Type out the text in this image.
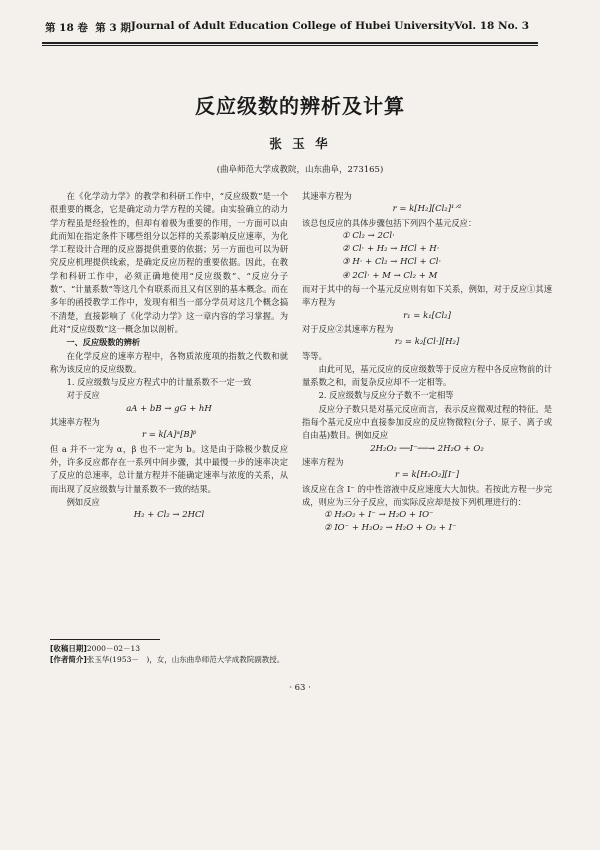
第 18 卷 第 3 期 Journal of Adult Education College of Hubei University Vol. 18 No. 3
反应级数的辨析及计算
张 玉 华
(曲阜师范大学成教院，山东曲阜，273165)

在《化学动力学》的教学和科研工作中，“反应级数”是一个很重要的概念，它是确定动力学方程的关键。由实验确立的动力学方程虽是经验性的，但却有着极为重要的作用，一方面可以由此而知在指定条件下哪些组分以怎样的关系影响反应速率，为化学工程设计合理的反应器提供重要的依据；另一方面也可以为研究反应机理提供线索，是确定反应历程的重要依据。因此，在教学和科研工作中，必须正确地使用“反应级数”、“反应分子数”、“计量系数”等这几个有联系而且又有区别的基本概念。而在多年的函授教学工作中，发现有相当一部分学员对这几个概念搞不清楚，直接影响了《化学动力学》这一章内容的学习掌握。为此对“反应级数”这一概念加以剖析。

一、反应级数的辨析

在化学反应的速率方程中，各物质浓度项的指数之代数和就称为该反应的反应级数。

1. 反应级数与反应方程式中的计量系数不一定一致

对于反应

aA + bB → gG + hH

其速率方程为

r = k[A]ᵅ[B]ᵝ

但 a 并不一定为 α，β 也不一定为 b。这是由于除极少数反应外，许多反应都存在一系列中间步骤，其中最慢一步的速率决定了反应的总速率，总计量方程并不能确定速率与浓度的关系，从而出现了反应级数与计量系数不一致的结果。

例如反应

H₂ + Cl₂ → 2HCl

其速率方程为

r = k[H₂][Cl₂]¹ᐟ²

该总包反应的具体步骤包括下列四个基元反应：

① Cl₂ → 2Cl·

② Cl· + H₂ → HCl + H·

③ H· + Cl₂ → HCl + Cl·

④ 2Cl· + M → Cl₂ + M

而对于其中的每一个基元反应则有如下关系，例如，对于反应①其速率方程为

r₁ = k₁[Cl₂]

对于反应②其速率方程为

r₂ = k₂[Cl·][H₂]

等等。

由此可见，基元反应的反应级数等于反应方程中各反应物前的计量系数之和，而复杂反应却不一定相等。

2. 反应级数与反应分子数不一定相等

反应分子数只是对基元反应而言，表示反应微观过程的特征。是指每个基元反应中直接参加反应的反应物微粒(分子、原子、离子或自由基)数目。例如反应

2H₂O₂ ──I⁻──→ 2H₂O + O₂

速率方程为

r = k[H₂O₂][I⁻]

该反应在含 I⁻ 的中性溶液中反应速度大大加快。若按此方程一步完成，则应为三分子反应，而实际反应却是按下列机理进行的：

① H₂O₂ + I⁻ → H₂O + IO⁻

② IO⁻ + H₂O₂ → H₂O + O₂ + I⁻

[收稿日期]2000－02－13
[作者简介]张玉华(1953－　)，女，山东曲阜师范大学成教院副教授。
· 63 ·
